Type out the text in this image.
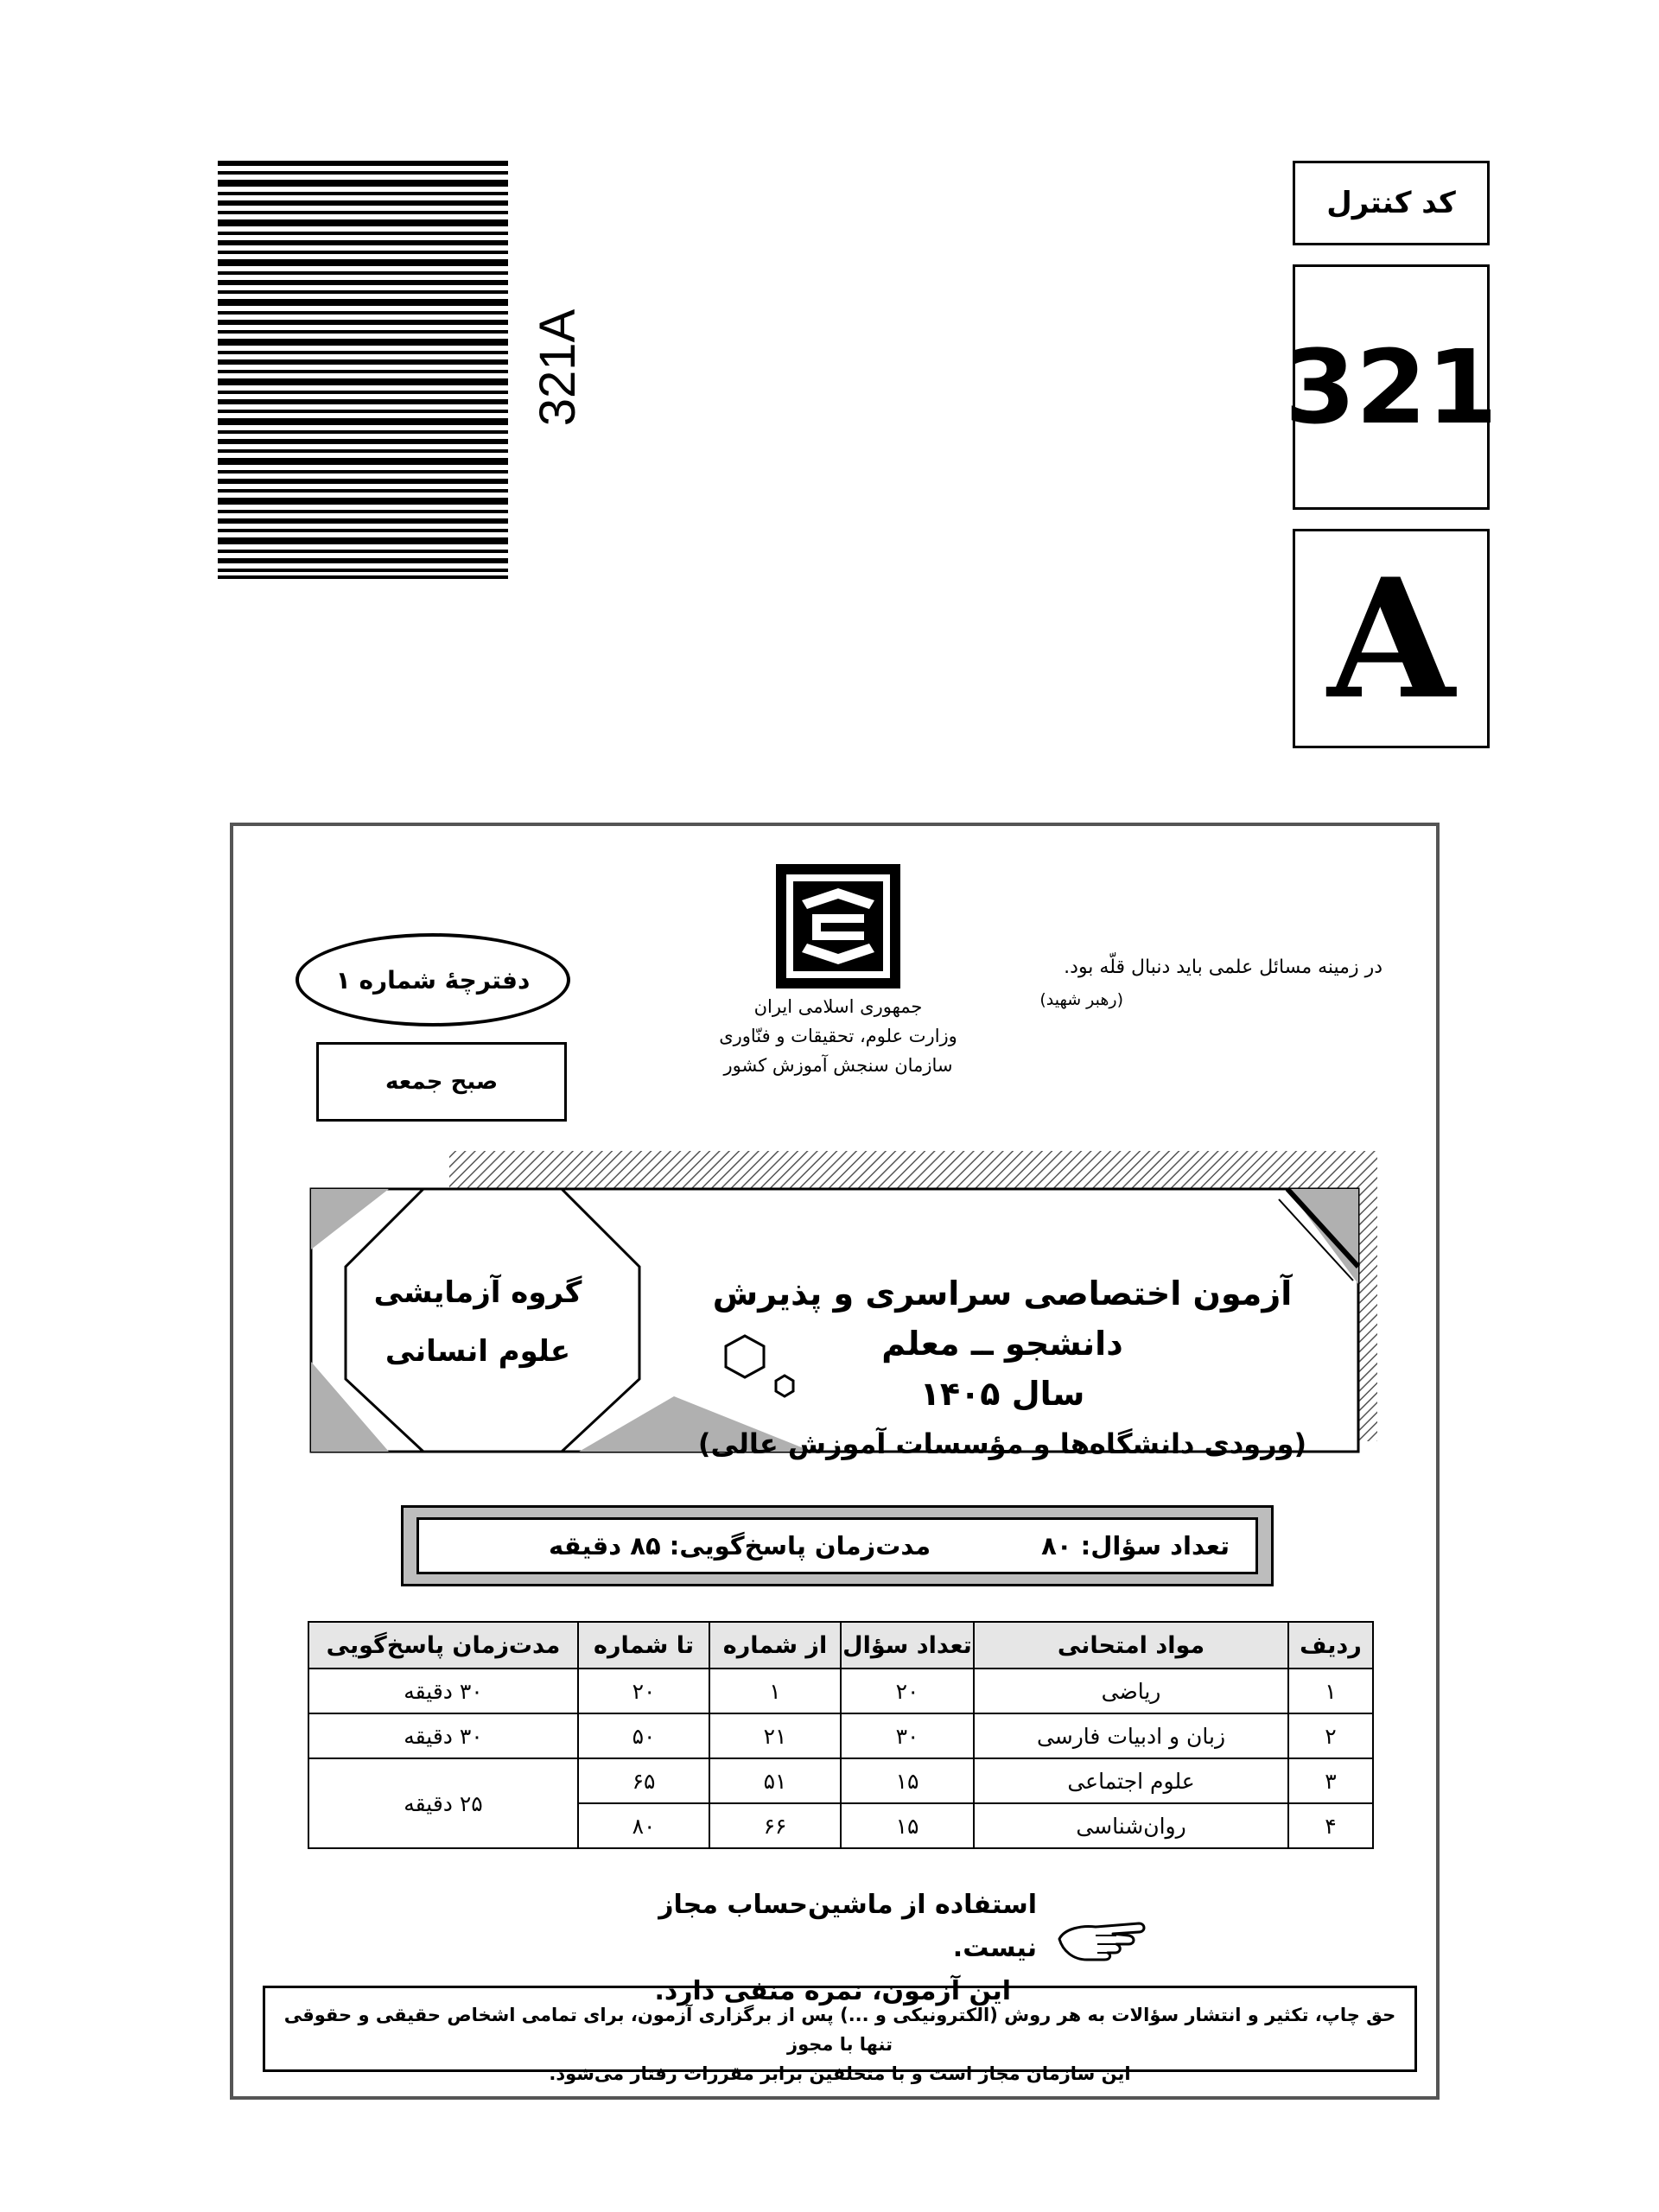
کد کنترل
321
A
321A
جمهوری اسلامی ایران
وزارت علوم، تحقیقات و فنّاوری
سازمان سنجش آموزش کشور
در زمینه مسائل علمی باید دنبال قلّه بود.
(رهبر شهید)
دفترچهٔ شماره ۱
صبح جمعه
آزمون اختصاصی سراسری و پذیرش دانشجو ــ معلم
سال ۱۴۰۵
(ورودی دانشگاه‌ها و مؤسسات آموزش عالی)
گروه آزمایشی
علوم انسانی
تعداد سؤال: ۸۰
مدت‌زمان پاسخ‌گویی: ۸۵ دقیقه
ردیف	مواد امتحانی	تعداد سؤال	از شماره	تا شماره	مدت‌زمان پاسخ‌گویی
۱	ریاضی	۲۰	۱	۲۰	۳۰ دقیقه
۲	زبان و ادبیات فارسی	۳۰	۲۱	۵۰	۳۰ دقیقه
۳	علوم اجتماعی	۱۵	۵۱	۶۵	۲۵ دقیقه
۴	روان‌شناسی	۱۵	۶۶	۸۰	
استفاده از ماشین‌حساب مجاز نیست.
این آزمون، نمره منفی دارد.
حق چاپ، تکثیر و انتشار سؤالات به هر روش (الکترونیکی و ...) پس از برگزاری آزمون، برای تمامی اشخاص حقیقی و حقوقی تنها با مجوز
این سازمان مجاز است و با متخلفین برابر مقررات رفتار می‌شود.
